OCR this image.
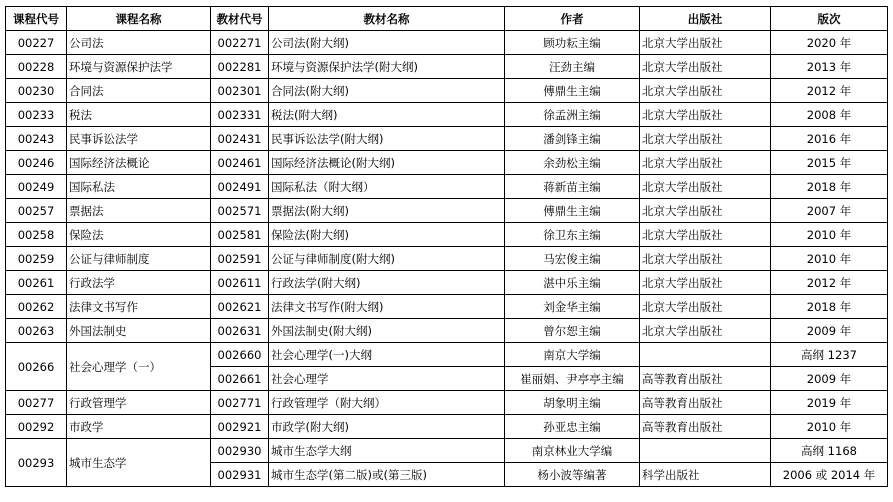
课程代号	课程名称	教材代号	教材名称	作者	出版社	版次
00227	公司法	002271	公司法(附大纲)	顾功耘主编	北京大学出版社	2020 年
00228	环境与资源保护法学	002281	环境与资源保护法学(附大纲)	汪劲主编	北京大学出版社	2013 年
00230	合同法	002301	合同法(附大纲)	傅鼎生主编	北京大学出版社	2012 年
00233	税法	002331	税法(附大纲)	徐孟洲主编	北京大学出版社	2008 年
00243	民事诉讼法学	002431	民事诉讼法学(附大纲)	潘剑锋主编	北京大学出版社	2016 年
00246	国际经济法概论	002461	国际经济法概论(附大纲)	余劲松主编	北京大学出版社	2015 年
00249	国际私法	002491	国际私法（附大纲）	蒋新苗主编	北京大学出版社	2018 年
00257	票据法	002571	票据法(附大纲)	傅鼎生主编	北京大学出版社	2007 年
00258	保险法	002581	保险法(附大纲)	徐卫东主编	北京大学出版社	2010 年
00259	公证与律师制度	002591	公证与律师制度(附大纲)	马宏俊主编	北京大学出版社	2010 年
00261	行政法学	002611	行政法学(附大纲)	湛中乐主编	北京大学出版社	2012 年
00262	法律文书写作	002621	法律文书写作(附大纲)	刘金华主编	北京大学出版社	2018 年
00263	外国法制史	002631	外国法制史(附大纲)	曾尔恕主编	北京大学出版社	2009 年
00266	社会心理学（一）	002660	社会心理学(一)大纲	南京大学编		高纲 1237
		002661	社会心理学	崔丽娟、尹亭亭主编	高等教育出版社	2009 年
00277	行政管理学	002771	行政管理学（附大纲）	胡象明主编	高等教育出版社	2019 年
00292	市政学	002921	市政学(附大纲)	孙亚忠主编	高等教育出版社	2010 年
00293	城市生态学	002930	城市生态学大纲	南京林业大学编		高纲 1168
		002931	城市生态学(第二版)或(第三版)	杨小波等编著	科学出版社	2006 或 2014 年
